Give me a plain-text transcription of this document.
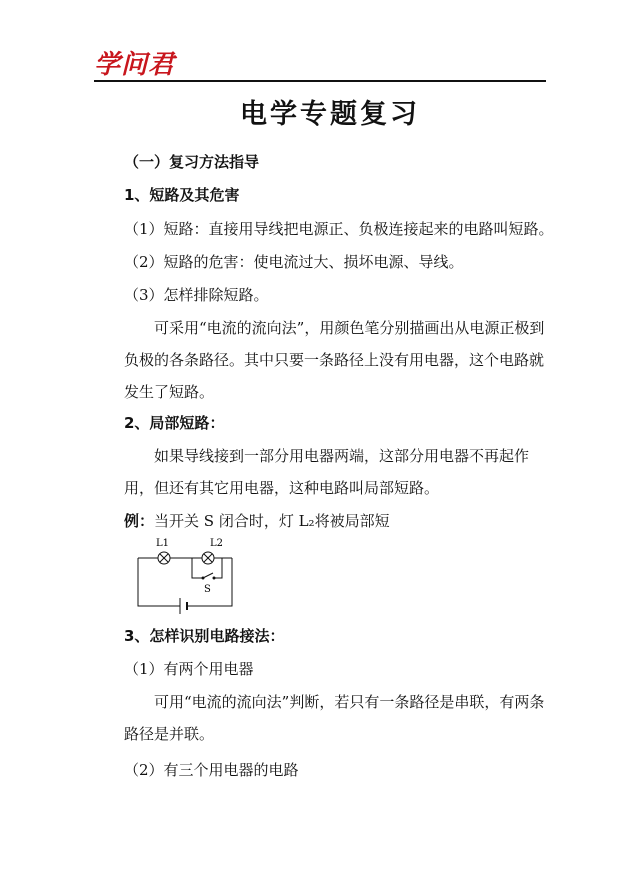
学问君
电学专题复习
（一）复习方法指导
1、短路及其危害
（1）短路：直接用导线把电源正、负极连接起来的电路叫短路。
（2）短路的危害：使电流过大、损坏电源、导线。
（3）怎样排除短路。
可采用“电流的流向法”，用颜色笔分别描画出从电源正极到负极的各条路径。其中只要一条路径上没有用电器，这个电路就发生了短路。
2、局部短路：
如果导线接到一部分用电器两端，这部分用电器不再起作用，但还有其它用电器，这种电路叫局部短路。
例：当开关 S 闭合时，灯 L₂将被局部短
L1	L2
S
3、怎样识别电路接法：
（1）有两个用电器
可用“电流的流向法”判断，若只有一条路径是串联，有两条路径是并联。
（2）有三个用电器的电路
